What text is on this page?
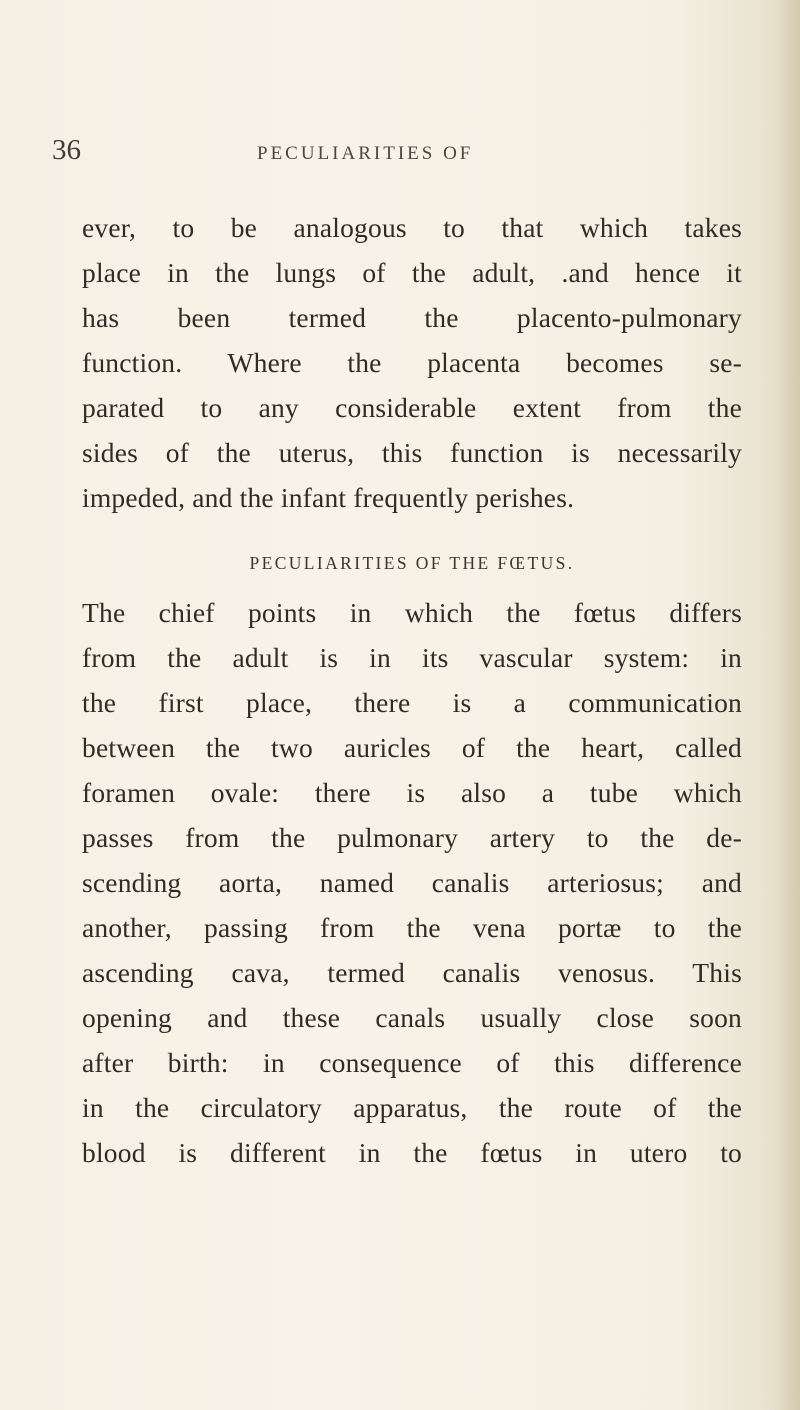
36	PECULIARITIES OF
ever, to be analogous to that which takes
place in the lungs of the adult, .and hence it
has been termed the placento-pulmonary
function. Where the placenta becomes se-
parated to any considerable extent from the
sides of the uterus, this function is necessarily
impeded, and the infant frequently perishes.
PECULIARITIES OF THE FŒTUS.
The chief points in which the fœtus differs
from the adult is in its vascular system: in
the first place, there is a communication
between the two auricles of the heart, called
foramen ovale: there is also a tube which
passes from the pulmonary artery to the de-
scending aorta, named canalis arteriosus; and
another, passing from the vena portæ to the
ascending cava, termed canalis venosus. This
opening and these canals usually close soon
after birth: in consequence of this difference
in the circulatory apparatus, the route of the
blood is different in the fœtus in utero to
